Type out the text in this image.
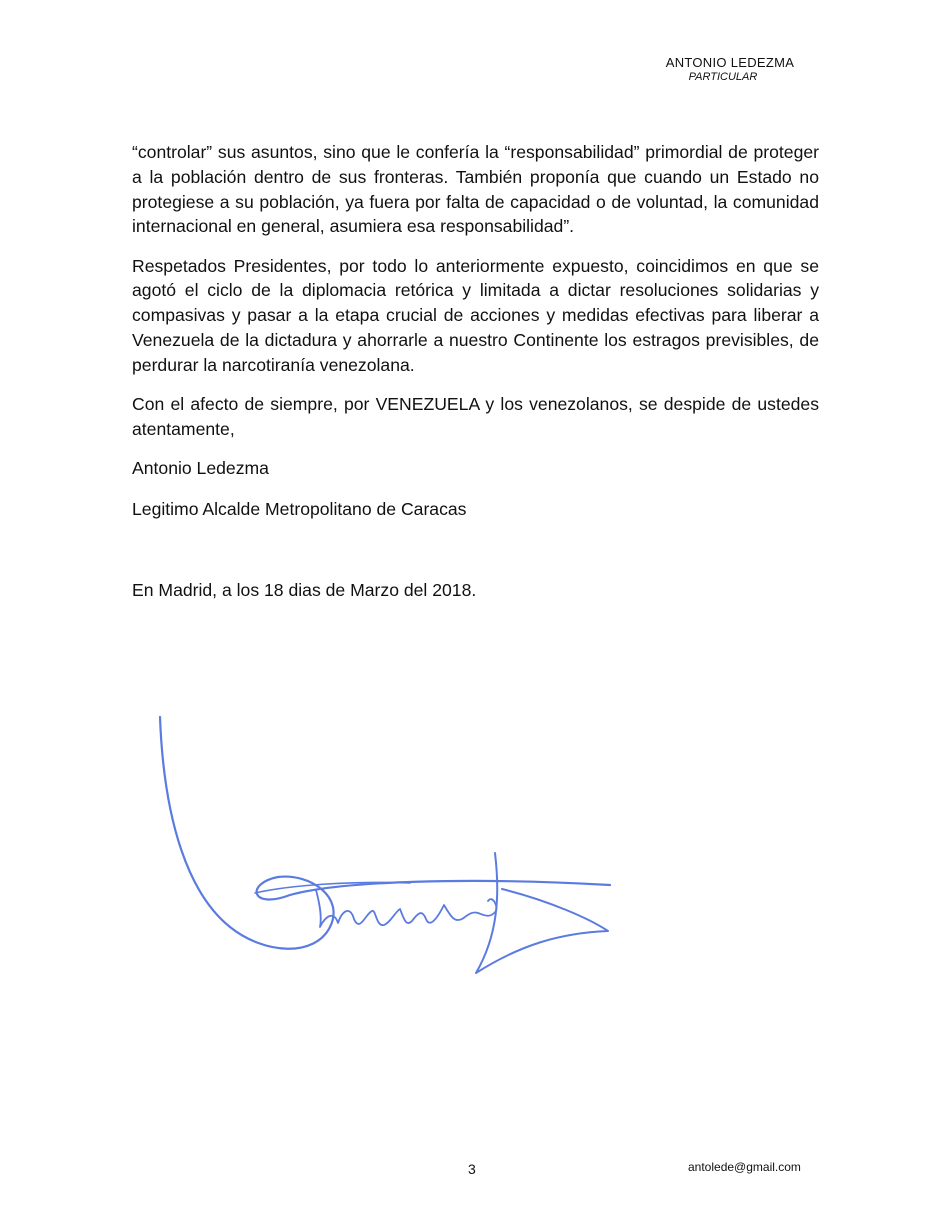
ANTONIO LEDEZMA
PARTICULAR

“controlar” sus asuntos, sino que le confería la “responsabilidad” primordial de proteger a la población dentro de sus fronteras. También proponía que cuando un Estado no protegiese a su población, ya fuera por falta de capacidad o de voluntad, la comunidad internacional en general, asumiera esa responsabilidad”.

Respetados Presidentes, por todo lo anteriormente expuesto, coincidimos en que se agotó el ciclo de la diplomacia retórica y limitada a dictar resoluciones solidarias y compasivas y pasar a la etapa crucial de acciones y medidas efectivas para liberar a Venezuela de la dictadura y ahorrarle a nuestro Continente los estragos previsibles, de perdurar la narcotiranía venezolana.

Con el afecto de siempre, por VENEZUELA y los venezolanos, se despide de ustedes atentamente,

Antonio Ledezma

Legitimo Alcalde Metropolitano de Caracas

En Madrid, a los 18 dias de Marzo del 2018.

3	antolede@gmail.com
